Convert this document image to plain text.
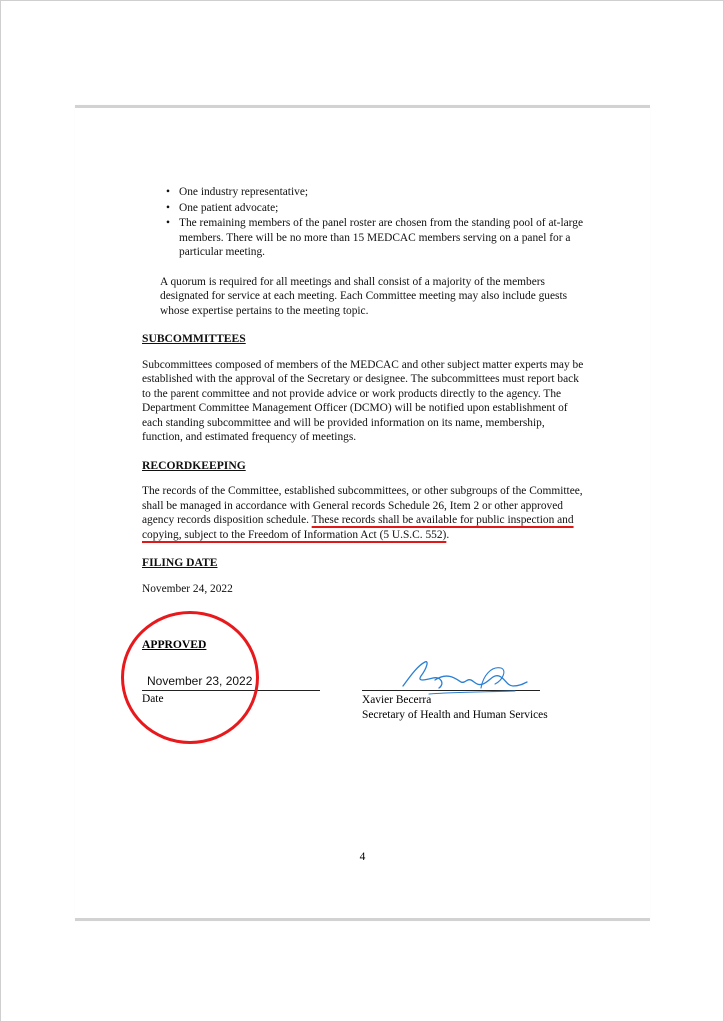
• One industry representative;
• One patient advocate;
• The remaining members of the panel roster are chosen from the standing pool of at-large members. There will be no more than 15 MEDCAC members serving on a panel for a particular meeting.

A quorum is required for all meetings and shall consist of a majority of the members designated for service at each meeting. Each Committee meeting may also include guests whose expertise pertains to the meeting topic.

SUBCOMMITTEES

Subcommittees composed of members of the MEDCAC and other subject matter experts may be established with the approval of the Secretary or designee. The subcommittees must report back to the parent committee and not provide advice or work products directly to the agency. The Department Committee Management Officer (DCMO) will be notified upon establishment of each standing subcommittee and will be provided information on its name, membership, function, and estimated frequency of meetings.

RECORDKEEPING

The records of the Committee, established subcommittees, or other subgroups of the Committee, shall be managed in accordance with General records Schedule 26, Item 2 or other approved agency records disposition schedule. These records shall be available for public inspection and copying, subject to the Freedom of Information Act (5 U.S.C. 552).

FILING DATE

November 24, 2022

APPROVED
November 23, 2022
Date	Xavier Becerra
Secretary of Health and Human Services
4
